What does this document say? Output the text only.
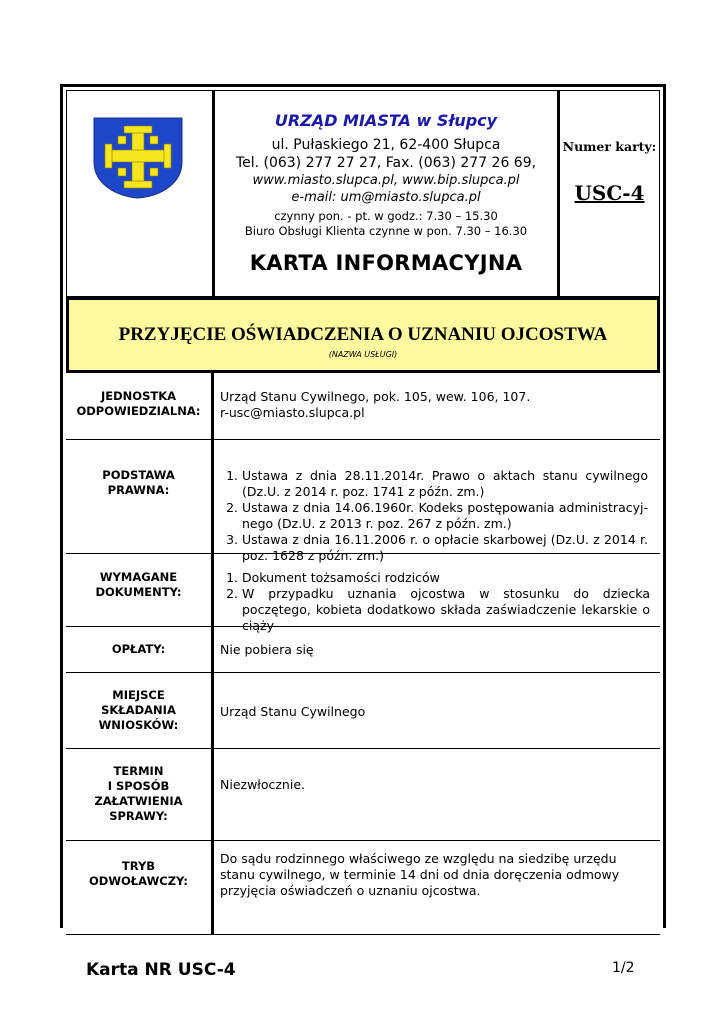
URZĄD MIASTA w Słupcy
ul. Pułaskiego 21, 62-400 Słupca
Tel. (063) 277 27 27, Fax. (063) 277 26 69,
www.miasto.slupca.pl, www.bip.slupca.pl
e-mail: um@miasto.slupca.pl
czynny pon. - pt. w godz.: 7.30 – 15.30
Biuro Obsługi Klienta czynne w pon. 7.30 – 16.30
KARTA INFORMACYJNA
Numer karty:
USC-4
PRZYJĘCIE OŚWIADCZENIA O UZNANIU OJCOSTWA
(NAZWA USŁUGI)
JEDNOSTKA
ODPOWIEDZIALNA:
Urząd Stanu Cywilnego, pok. 105, wew. 106, 107.
r-usc@miasto.slupca.pl
PODSTAWA
PRAWNA:
1. Ustawa z dnia 28.11.2014r. Prawo o aktach stanu cywilnego (Dz.U. z 2014 r. poz. 1741 z późn. zm.)
2. Ustawa z dnia 14.06.1960r. Kodeks postępowania administracyj-nego (Dz.U. z 2013 r. poz. 267 z późn. zm.)
3. Ustawa z dnia 16.11.2006 r. o opłacie skarbowej (Dz.U. z 2014 r. poz. 1628 z późn. zm.)
WYMAGANE
DOKUMENTY:
1. Dokument tożsamości rodziców
2. W przypadku uznania ojcostwa w stosunku do dziecka poczętego, kobieta dodatkowo składa zaświadczenie lekarskie o ciąży
OPŁATY:	Nie pobiera się
MIEJSCE
SKŁADANIA
WNIOSKÓW:
Urząd Stanu Cywilnego
TERMIN
I SPOSÓB
ZAŁATWIENIA
SPRAWY:
Niezwłocznie.
TRYB
ODWOŁAWCZY:
Do sądu rodzinnego właściwego ze względu na siedzibę urzędu stanu cywilnego, w terminie 14 dni od dnia doręczenia odmowy przyjęcia oświadczeń o uznaniu ojcostwa.
Karta NR USC-4	1/2
